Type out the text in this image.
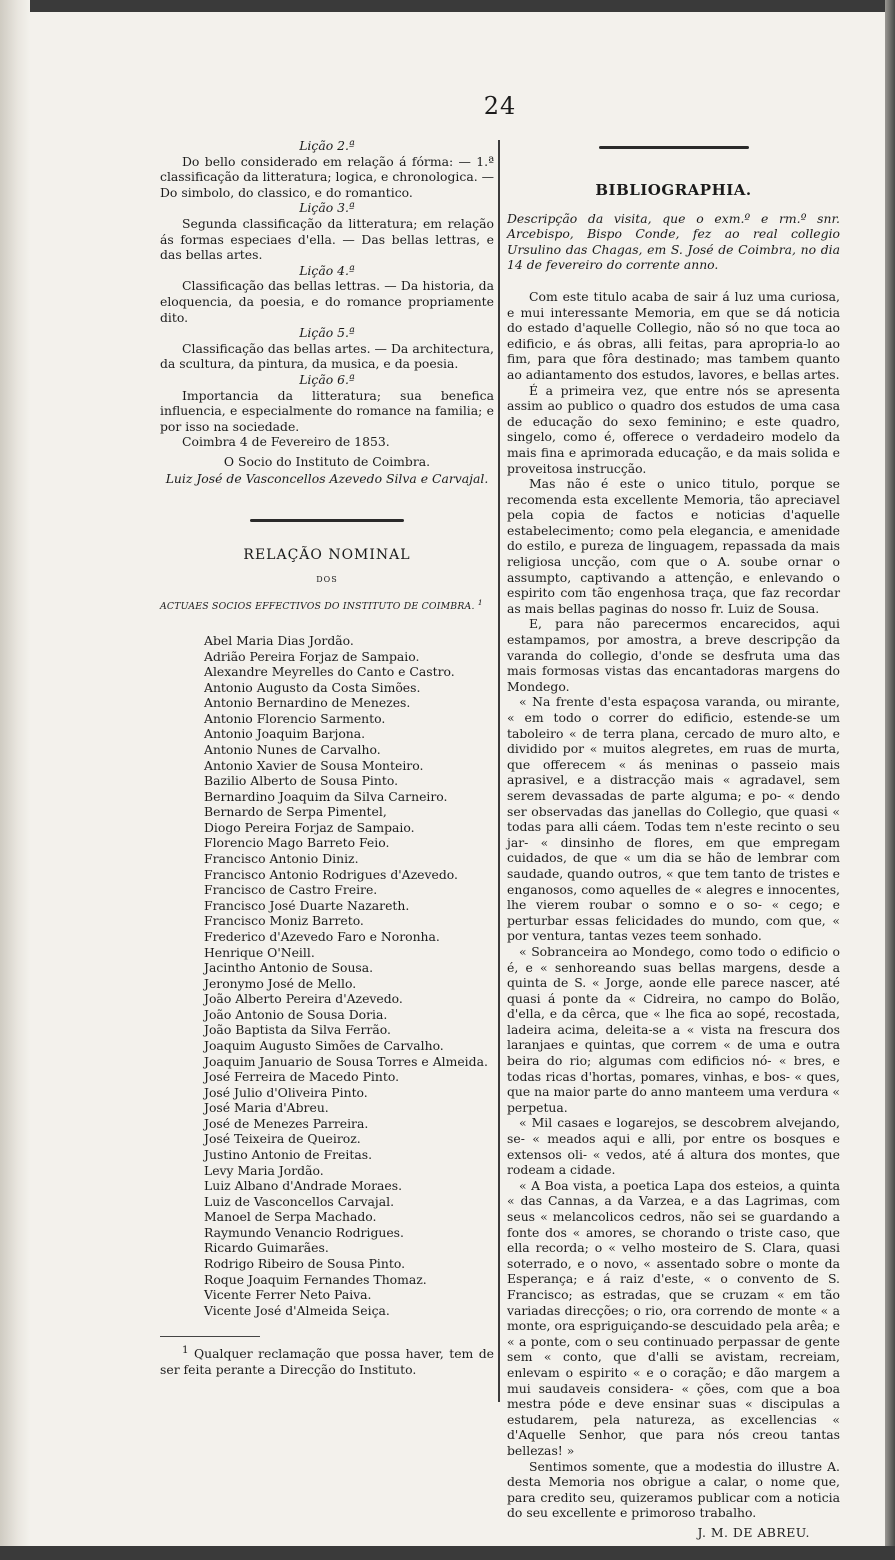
24
Lição 2.ª

Do bello considerado em relação á fórma: — 1.ª classificação da litteratura; logica, e chronologica. — Do simbolo, do classico, e do romantico.

Lição 3.ª

Segunda classificação da litteratura; em relação ás formas especiaes d'ella. — Das bellas lettras, e das bellas artes.

Lição 4.ª

Classificação das bellas lettras. — Da historia, da eloquencia, da poesia, e do romance propriamente dito.

Lição 5.ª

Classificação das bellas artes. — Da architectura, da scultura, da pintura, da musica, e da poesia.

Lição 6.ª

Importancia da litteratura; sua benefica influencia, e especialmente do romance na familia; e por isso na sociedade.

Coimbra 4 de Fevereiro de 1853.

O Socio do Instituto de Coimbra.

Luiz José de Vasconcellos Azevedo Silva e Carvajal.

RELAÇÃO NOMINAL
DOS
ACTUAES SOCIOS EFFECTIVOS DO INSTITUTO DE COIMBRA. $^1$
Abel Maria Dias Jordão.
Adrião Pereira Forjaz de Sampaio.
Alexandre Meyrelles do Canto e Castro.
Antonio Augusto da Costa Simões.
Antonio Bernardino de Menezes.
Antonio Florencio Sarmento.
Antonio Joaquim Barjona.
Antonio Nunes de Carvalho.
Antonio Xavier de Sousa Monteiro.
Bazilio Alberto de Sousa Pinto.
Bernardino Joaquim da Silva Carneiro.
Bernardo de Serpa Pimentel,
Diogo Pereira Forjaz de Sampaio.
Florencio Mago Barreto Feio.
Francisco Antonio Diniz.
Francisco Antonio Rodrigues d'Azevedo.
Francisco de Castro Freire.
Francisco José Duarte Nazareth.
Francisco Moniz Barreto.
Frederico d'Azevedo Faro e Noronha.
Henrique O'Neill.
Jacintho Antonio de Sousa.
Jeronymo José de Mello.
João Alberto Pereira d'Azevedo.
João Antonio de Sousa Doria.
João Baptista da Silva Ferrão.
Joaquim Augusto Simões de Carvalho.
Joaquim Januario de Sousa Torres e Almeida.
José Ferreira de Macedo Pinto.
José Julio d'Oliveira Pinto.
José Maria d'Abreu.
José de Menezes Parreira.
José Teixeira de Queiroz.
Justino Antonio de Freitas.
Levy Maria Jordão.
Luiz Albano d'Andrade Moraes.
Luiz de Vasconcellos Carvajal.
Manoel de Serpa Machado.
Raymundo Venancio Rodrigues.
Ricardo Guimarães.
Rodrigo Ribeiro de Sousa Pinto.
Roque Joaquim Fernandes Thomaz.
Vicente Ferrer Neto Paiva.
Vicente José d'Almeida Seiça.
$^1$ Qualquer reclamação que possa haver, tem de ser feita perante a Direcção do Instituto.
BIBLIOGRAPHIA.

Descripção da visita, que o exm.º e rm.º snr. Arcebispo, Bispo Conde, fez ao real collegio Ursulino das Chagas, em S. José de Coimbra, no dia 14 de fevereiro do corrente anno.

Com este titulo acaba de sair á luz uma curiosa, e mui interessante Memoria, em que se dá noticia do estado d'aquelle Collegio, não só no que toca ao edificio, e ás obras, alli feitas, para apropria-lo ao fim, para que fôra destinado; mas tambem quanto ao adiantamento dos estudos, lavores, e bellas artes.

É a primeira vez, que entre nós se apresenta assim ao publico o quadro dos estudos de uma casa de educação do sexo feminino; e este quadro, singelo, como é, offerece o verdadeiro modelo da mais fina e aprimorada educação, e da mais solida e proveitosa instrucção.

Mas não é este o unico titulo, porque se recomenda esta excellente Memoria, tão apreciavel pela copia de factos e noticias d'aquelle estabelecimento; como pela elegancia, e amenidade do estilo, e pureza de linguagem, repassada da mais religiosa uncção, com que o A. soube ornar o assumpto, captivando a attenção, e enlevando o espirito com tão engenhosa traça, que faz recordar as mais bellas paginas do nosso fr. Luiz de Sousa.

E, para não parecermos encarecidos, aqui estampamos, por amostra, a breve descripção da varanda do collegio, d'onde se desfruta uma das mais formosas vistas das encantadoras margens do Mondego.

« Na frente d'esta espaçosa varanda, ou mirante, « em todo o correr do edificio, estende-se um taboleiro « de terra plana, cercado de muro alto, e dividido por « muitos alegretes, em ruas de murta, que offerecem « ás meninas o passeio mais aprasivel, e a distracção mais « agradavel, sem serem devassadas de parte alguma; e po- « dendo ser observadas das janellas do Collegio, que quasi « todas para alli cáem. Todas tem n'este recinto o seu jar- « dinsinho de flores, em que empregam cuidados, de que « um dia se hão de lembrar com saudade, quando outros, « que tem tanto de tristes e enganosos, como aquelles de « alegres e innocentes, lhe vierem roubar o somno e o so- « cego; e perturbar essas felicidades do mundo, com que, « por ventura, tantas vezes teem sonhado.

« Sobranceira ao Mondego, como todo o edificio o é, e « senhoreando suas bellas margens, desde a quinta de S. « Jorge, aonde elle parece nascer, até quasi á ponte da « Cidreira, no campo do Bolão, d'ella, e da cêrca, que « lhe fica ao sopé, recostada, ladeira acima, deleita-se a « vista na frescura dos laranjaes e quintas, que correm « de uma e outra beira do rio; algumas com edificios nó- « bres, e todas ricas d'hortas, pomares, vinhas, e bos- « ques, que na maior parte do anno manteem uma verdura « perpetua.

« Mil casaes e logarejos, se descobrem alvejando, se- « meados aqui e alli, por entre os bosques e extensos oli- « vedos, até á altura dos montes, que rodeam a cidade.

« A Boa vista, a poetica Lapa dos esteios, a quinta « das Cannas, a da Varzea, e a das Lagrimas, com seus « melancolicos cedros, não sei se guardando a fonte dos « amores, se chorando o triste caso, que ella recorda; o « velho mosteiro de S. Clara, quasi soterrado, e o novo, « assentado sobre o monte da Esperança; e á raiz d'este, « o convento de S. Francisco; as estradas, que se cruzam « em tão variadas direcções; o rio, ora correndo de monte « a monte, ora espriguiçando-se descuidado pela arêa; e « a ponte, com o seu continuado perpassar de gente sem « conto, que d'alli se avistam, recreiam, enlevam o espirito « e o coração; e dão margem a mui saudaveis considera- « ções, com que a boa mestra póde e deve ensinar suas « discipulas a estudarem, pela natureza, as excellencias « d'Aquelle Senhor, que para nós creou tantas bellezas! »

Sentimos somente, que a modestia do illustre A. desta Memoria nos obrigue a calar, o nome que, para credito seu, quizeramos publicar com a noticia do seu excellente e primoroso trabalho.

J. M. DE ABREU.
